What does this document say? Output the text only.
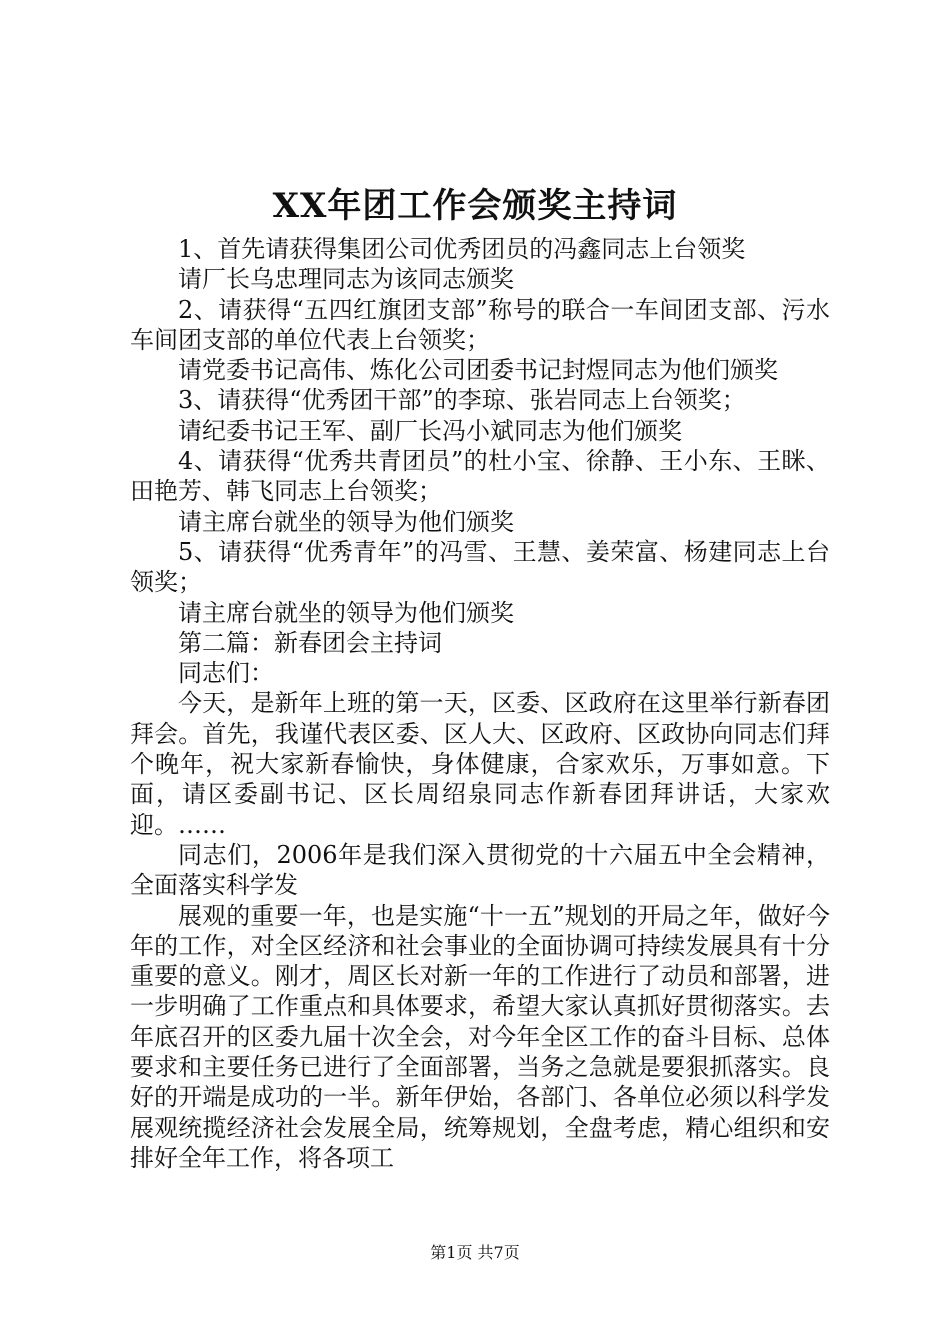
XX年团工作会颁奖主持词

1、首先请获得集团公司优秀团员的冯鑫同志上台领奖

请厂长乌忠理同志为该同志颁奖

2、请获得“五四红旗团支部”称号的联合一车间团支部、污水车间团支部的单位代表上台领奖；

请党委书记高伟、炼化公司团委书记封煜同志为他们颁奖

3、请获得“优秀团干部”的李琼、张岩同志上台领奖；

请纪委书记王军、副厂长冯小斌同志为他们颁奖

4、请获得“优秀共青团员”的杜小宝、徐静、王小东、王眯、田艳芳、韩飞同志上台领奖；

请主席台就坐的领导为他们颁奖

5、请获得“优秀青年”的冯雪、王慧、姜荣富、杨建同志上台领奖；

请主席台就坐的领导为他们颁奖

第二篇：新春团会主持词

同志们：

今天，是新年上班的第一天，区委、区政府在这里举行新春团拜会。首先，我谨代表区委、区人大、区政府、区政协向同志们拜个晚年，祝大家新春愉快，身体健康，合家欢乐，万事如意。下面，请区委副书记、区长周绍泉同志作新春团拜讲话，大家欢迎。……

同志们，2006年是我们深入贯彻党的十六届五中全会精神，全面落实科学发

展观的重要一年，也是实施“十一五”规划的开局之年，做好今年的工作，对全区经济和社会事业的全面协调可持续发展具有十分重要的意义。刚才，周区长对新一年的工作进行了动员和部署，进一步明确了工作重点和具体要求，希望大家认真抓好贯彻落实。去年底召开的区委九届十次全会，对今年全区工作的奋斗目标、总体要求和主要任务已进行了全面部署，当务之急就是要狠抓落实。良好的开端是成功的一半。新年伊始，各部门、各单位必须以科学发展观统揽经济社会发展全局，统筹规划，全盘考虑，精心组织和安排好全年工作，将各项工

第1页 共7页
